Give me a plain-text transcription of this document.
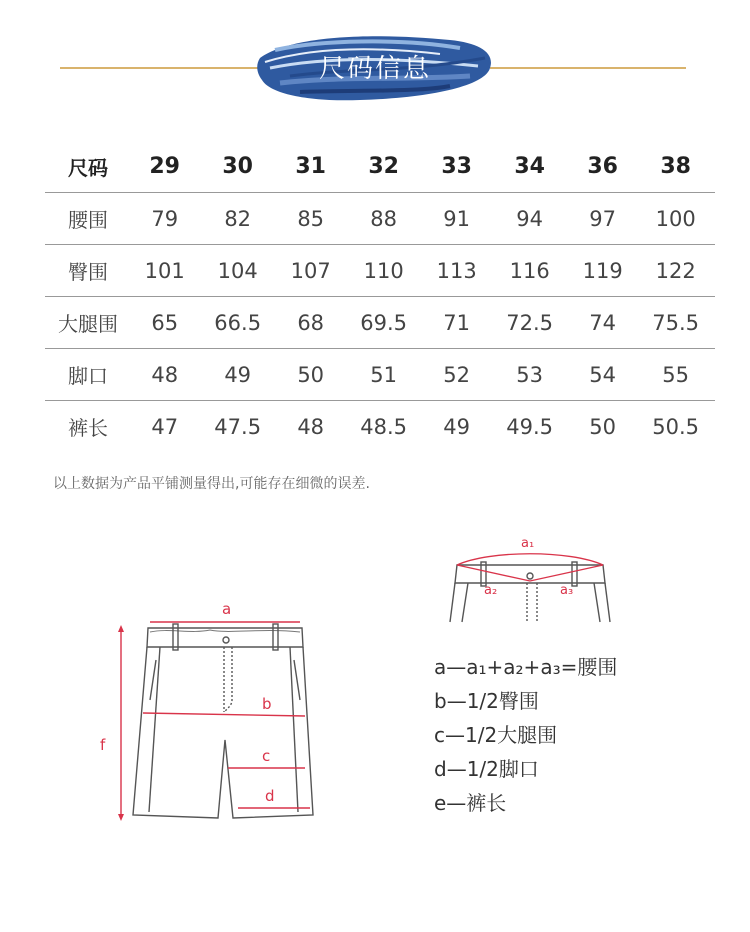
尺码信息
尺码	29	30	31	32	33	34	36	38
腰围	79	82	85	88	91	94	97	100
臀围	101	104	107	110	113	116	119	122
大腿围	65	66.5	68	69.5	71	72.5	74	75.5
脚口	48	49	50	51	52	53	54	55
裤长	47	47.5	48	48.5	49	49.5	50	50.5
以上数据为产品平铺测量得出,可能存在细微的误差.
a
b
c
d
f
a₁
a₂	a₃
a—a₁+a₂+a₃=腰围
b—1/2臀围
c—1/2大腿围
d—1/2脚口
e—裤长
